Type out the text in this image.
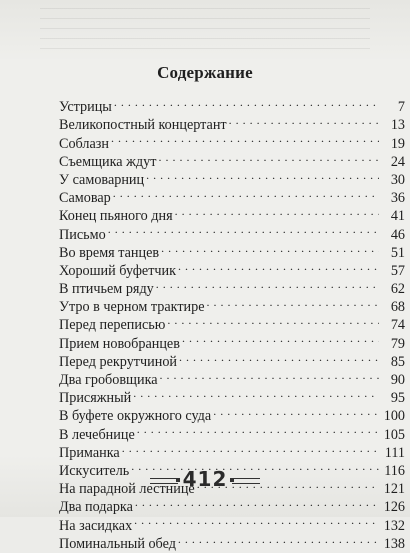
Содержание
Устрицы . . .	7
Великопостный концертант . . .	13
Соблазн . . .	19
Съемщика ждут . . .	24
У самоварниц . . .	30
Самовар . . .	36
Конец пьяного дня . . .	41
Письмо . . .	46
Во время танцев . . .	51
Хороший буфетчик . . .	57
В птичьем ряду . . .	62
Утро в черном трактире . . .	68
Перед переписью . . .	74
Прием новобранцев . . .	79
Перед рекрутчиной . . .	85
Два гробовщика . . .	90
Присяжный . . .	95
В буфете окружного суда . . .	100
В лечебнице . . .	105
Приманка . . .	111
Искуситель . . .	116
На парадной лестнице . . .	121
Два подарка . . .	126
На засидках . . .	132
Поминальный обед . . .	138
412
